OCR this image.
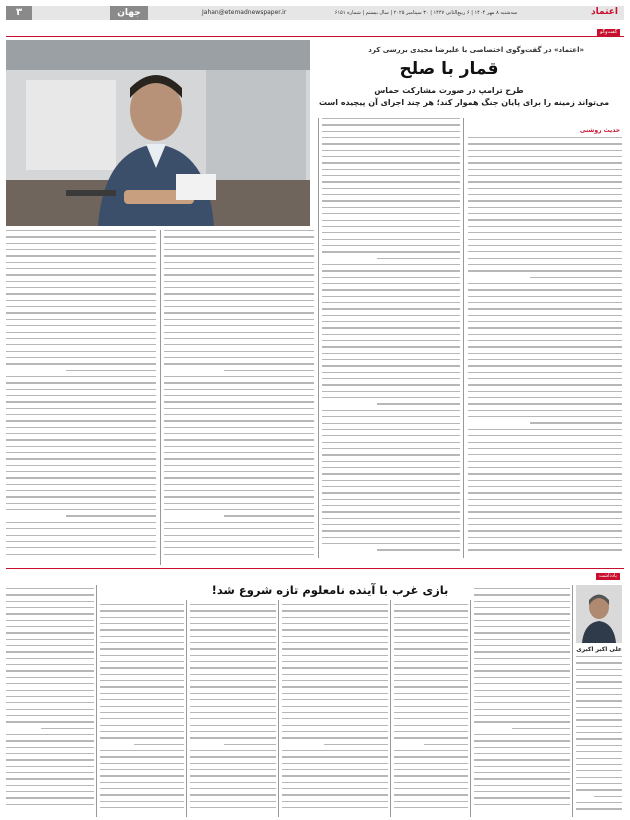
۳	جهان	Jahan@etemadnewspaper.ir	سه‌شنبه ۸ مهر ۱۴۰۴ | ۶ ربیع‌الثانی ۱۴۴۷ | ۳۰ سپتامبر ۲۰۲۵ | سال بیستم | شماره ۶۱۵۱	اعتماد
گفت‌وگو
«اعتماد» در گفت‌وگوی اختصاصی با علیرضا مجیدی بررسی کرد
قمار با صلح
طرح ترامپ در صورت مشارکت حماس
می‌تواند زمینه را برای پایان جنگ هموار کند؛ هر چند اجرای آن پیچیده است
حدیث روشنی
یادداشت
علی اکبر اکبری
بازی غرب با آینده نامعلوم تازه شروع شد!
